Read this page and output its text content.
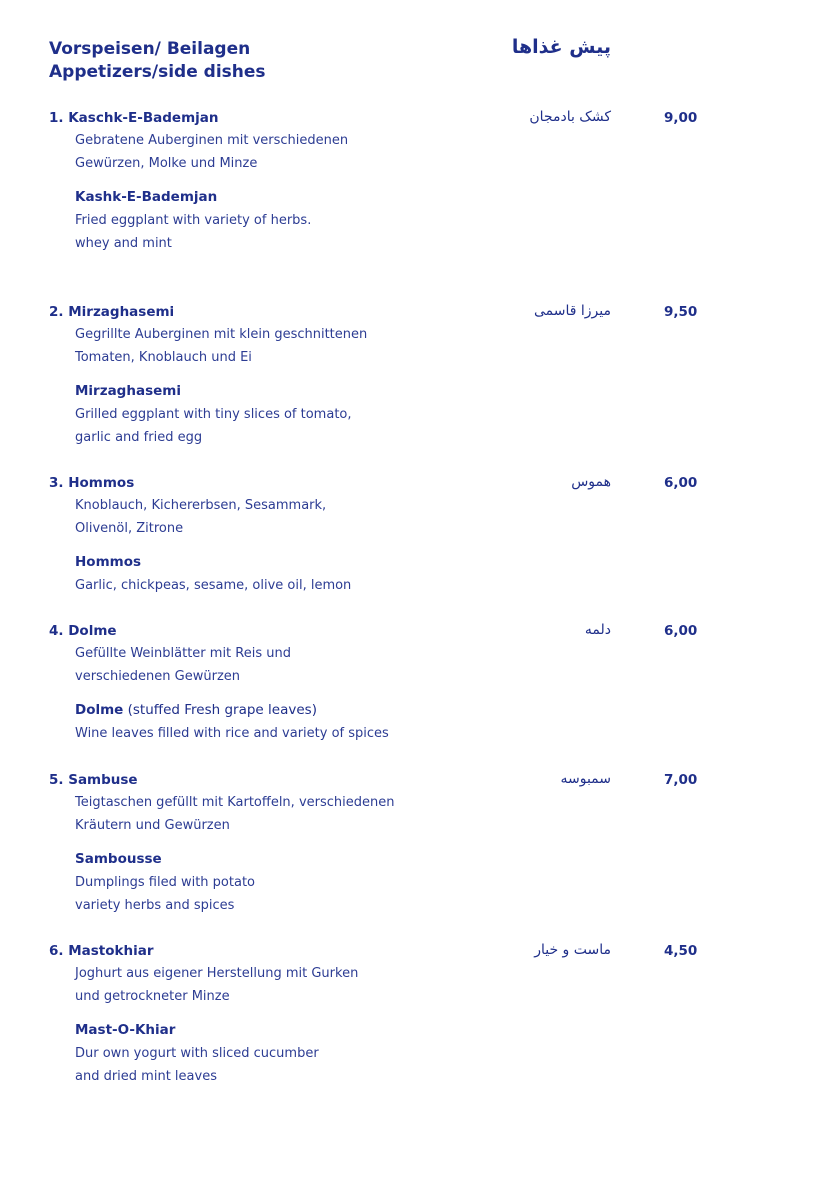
Vorspeisen/ Beilagen
Appetizers/side dishes
پیش غذاها
1. Kaschk-E-Bademjan	کشک بادمجان	9,00
Gebratene Auberginen mit verschiedenen
Gewürzen, Molke und Minze
Kashk-E-Bademjan
Fried eggplant with variety of herbs.
whey and mint
2. Mirzaghasemi	میرزا قاسمی	9,50
Gegrillte Auberginen mit klein geschnittenen
Tomaten, Knoblauch und Ei
Mirzaghasemi
Grilled eggplant with tiny slices of tomato,
garlic and fried egg
3. Hommos	هموس	6,00
Knoblauch, Kichererbsen, Sesammark,
Olivenöl, Zitrone
Hommos
Garlic, chickpeas, sesame, olive oil, lemon
4. Dolme	دلمه	6,00
Gefüllte Weinblätter mit Reis und
verschiedenen Gewürzen
Dolme (stuffed Fresh grape leaves)
Wine leaves filled with rice and variety of spices
5. Sambuse	سمبوسه	7,00
Teigtaschen gefüllt mit Kartoffeln, verschiedenen
Kräutern und Gewürzen
Sambousse
Dumplings filed with potato
variety herbs and spices
6. Mastokhiar	ماست و خیار	4,50
Joghurt aus eigener Herstellung mit Gurken
und getrockneter Minze
Mast-O-Khiar
Dur own yogurt with sliced cucumber
and dried mint leaves
